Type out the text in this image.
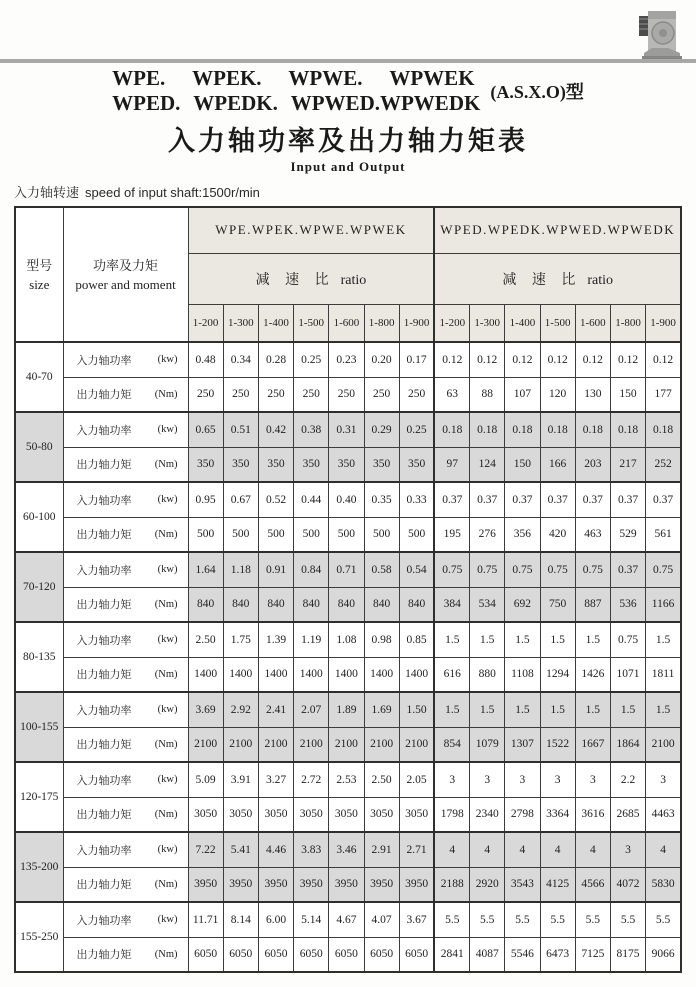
WPE. WPEK. WPWE. WPWEK
WPED. WPEDK. WPWED.WPWEDK (A.S.X.O)型
入力轴功率及出力轴力矩表
Input and Output
入力轴转速 speed of input shaft:1500r/min
型号
size

功率及力矩
power and moment
	WPE.WPEK.WPWE.WPWEK	WPED.WPEDK.WPWED.WPWEDK
		减 速 比 ratio							减 速 比 ratio						
		1-200	1-300	1-400	1-500	1-600	1-800	1-900	1-200	1-300	1-400	1-500	1-600	1-800	1-900
40-70	入力轴功率 (kw)	0.48	0.34	0.28	0.25	0.23	0.20	0.17	0.12	0.12	0.12	0.12	0.12	0.12	0.12

	出力轴力矩 (Nm)	250	250	250	250	250	250	250	63	88	107	120	130	150	177
50-80	入力轴功率 (kw)	0.65	0.51	0.42	0.38	0.31	0.29	0.25	0.18	0.18	0.18	0.18	0.18	0.18	0.18

	出力轴力矩 (Nm)	350	350	350	350	350	350	350	97	124	150	166	203	217	252
60-100	入力轴功率 (kw)	0.95	0.67	0.52	0.44	0.40	0.35	0.33	0.37	0.37	0.37	0.37	0.37	0.37	0.37

	出力轴力矩 (Nm)	500	500	500	500	500	500	500	195	276	356	420	463	529	561
70-120	入力轴功率 (kw)	1.64	1.18	0.91	0.84	0.71	0.58	0.54	0.75	0.75	0.75	0.75	0.75	0.37	0.75

	出力轴力矩 (Nm)	840	840	840	840	840	840	840	384	534	692	750	887	536	1166
80-135	入力轴功率 (kw)	2.50	1.75	1.39	1.19	1.08	0.98	0.85	1.5	1.5	1.5	1.5	1.5	0.75	1.5

	出力轴力矩 (Nm)	1400	1400	1400	1400	1400	1400	1400	616	880	1108	1294	1426	1071	1811
100-155	入力轴功率 (kw)	3.69	2.92	2.41	2.07	1.89	1.69	1.50	1.5	1.5	1.5	1.5	1.5	1.5	1.5

	出力轴力矩 (Nm)	2100	2100	2100	2100	2100	2100	2100	854	1079	1307	1522	1667	1864	2100
120-175	入力轴功率 (kw)	5.09	3.91	3.27	2.72	2.53	2.50	2.05	3	3	3	3	3	2.2	3

	出力轴力矩 (Nm)	3050	3050	3050	3050	3050	3050	3050	1798	2340	2798	3364	3616	2685	4463
135-200	入力轴功率 (kw)	7.22	5.41	4.46	3.83	3.46	2.91	2.71	4	4	4	4	4	3	4

	出力轴力矩 (Nm)	3950	3950	3950	3950	3950	3950	3950	2188	2920	3543	4125	4566	4072	5830
155-250	入力轴功率 (kw)	11.71	8.14	6.00	5.14	4.67	4.07	3.67	5.5	5.5	5.5	5.5	5.5	5.5	5.5

	出力轴力矩 (Nm)	6050	6050	6050	6050	6050	6050	6050	2841	4087	5546	6473	7125	8175	9066
